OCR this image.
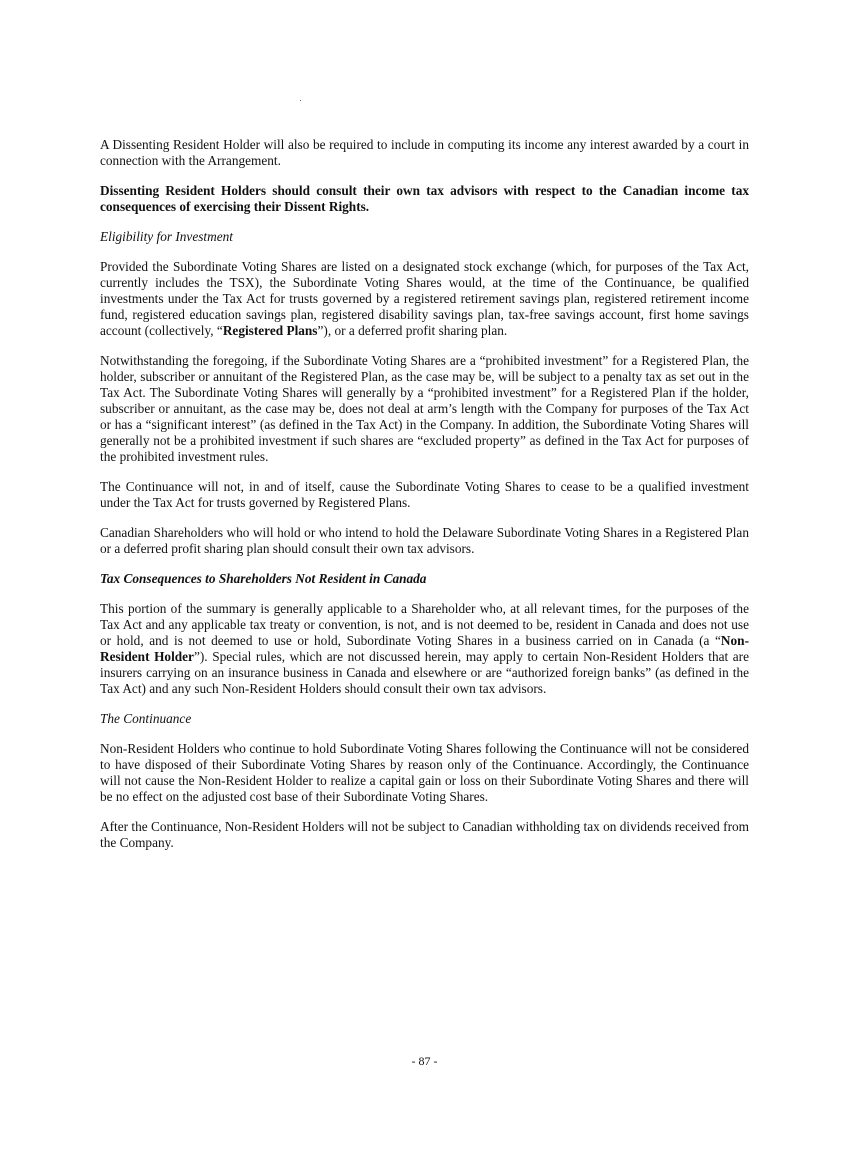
A Dissenting Resident Holder will also be required to include in computing its income any interest awarded by a court in connection with the Arrangement.

Dissenting Resident Holders should consult their own tax advisors with respect to the Canadian income tax consequences of exercising their Dissent Rights.

Eligibility for Investment

Provided the Subordinate Voting Shares are listed on a designated stock exchange (which, for purposes of the Tax Act, currently includes the TSX), the Subordinate Voting Shares would, at the time of the Continuance, be qualified investments under the Tax Act for trusts governed by a registered retirement savings plan, registered retirement income fund, registered education savings plan, registered disability savings plan, tax-free savings account, first home savings account (collectively, “Registered Plans”), or a deferred profit sharing plan.

Notwithstanding the foregoing, if the Subordinate Voting Shares are a “prohibited investment” for a Registered Plan, the holder, subscriber or annuitant of the Registered Plan, as the case may be, will be subject to a penalty tax as set out in the Tax Act. The Subordinate Voting Shares will generally by a “prohibited investment” for a Registered Plan if the holder, subscriber or annuitant, as the case may be, does not deal at arm’s length with the Company for purposes of the Tax Act or has a “significant interest” (as defined in the Tax Act) in the Company. In addition, the Subordinate Voting Shares will generally not be a prohibited investment if such shares are “excluded property” as defined in the Tax Act for purposes of the prohibited investment rules.

The Continuance will not, in and of itself, cause the Subordinate Voting Shares to cease to be a qualified investment under the Tax Act for trusts governed by Registered Plans.

Canadian Shareholders who will hold or who intend to hold the Delaware Subordinate Voting Shares in a Registered Plan or a deferred profit sharing plan should consult their own tax advisors.

Tax Consequences to Shareholders Not Resident in Canada

This portion of the summary is generally applicable to a Shareholder who, at all relevant times, for the purposes of the Tax Act and any applicable tax treaty or convention, is not, and is not deemed to be, resident in Canada and does not use or hold, and is not deemed to use or hold, Subordinate Voting Shares in a business carried on in Canada (a “Non-Resident Holder”). Special rules, which are not discussed herein, may apply to certain Non-Resident Holders that are insurers carrying on an insurance business in Canada and elsewhere or are “authorized foreign banks” (as defined in the Tax Act) and any such Non-Resident Holders should consult their own tax advisors.

The Continuance

Non-Resident Holders who continue to hold Subordinate Voting Shares following the Continuance will not be considered to have disposed of their Subordinate Voting Shares by reason only of the Continuance. Accordingly, the Continuance will not cause the Non-Resident Holder to realize a capital gain or loss on their Subordinate Voting Shares and there will be no effect on the adjusted cost base of their Subordinate Voting Shares.

After the Continuance, Non-Resident Holders will not be subject to Canadian withholding tax on dividends received from the Company.

- 87 -
